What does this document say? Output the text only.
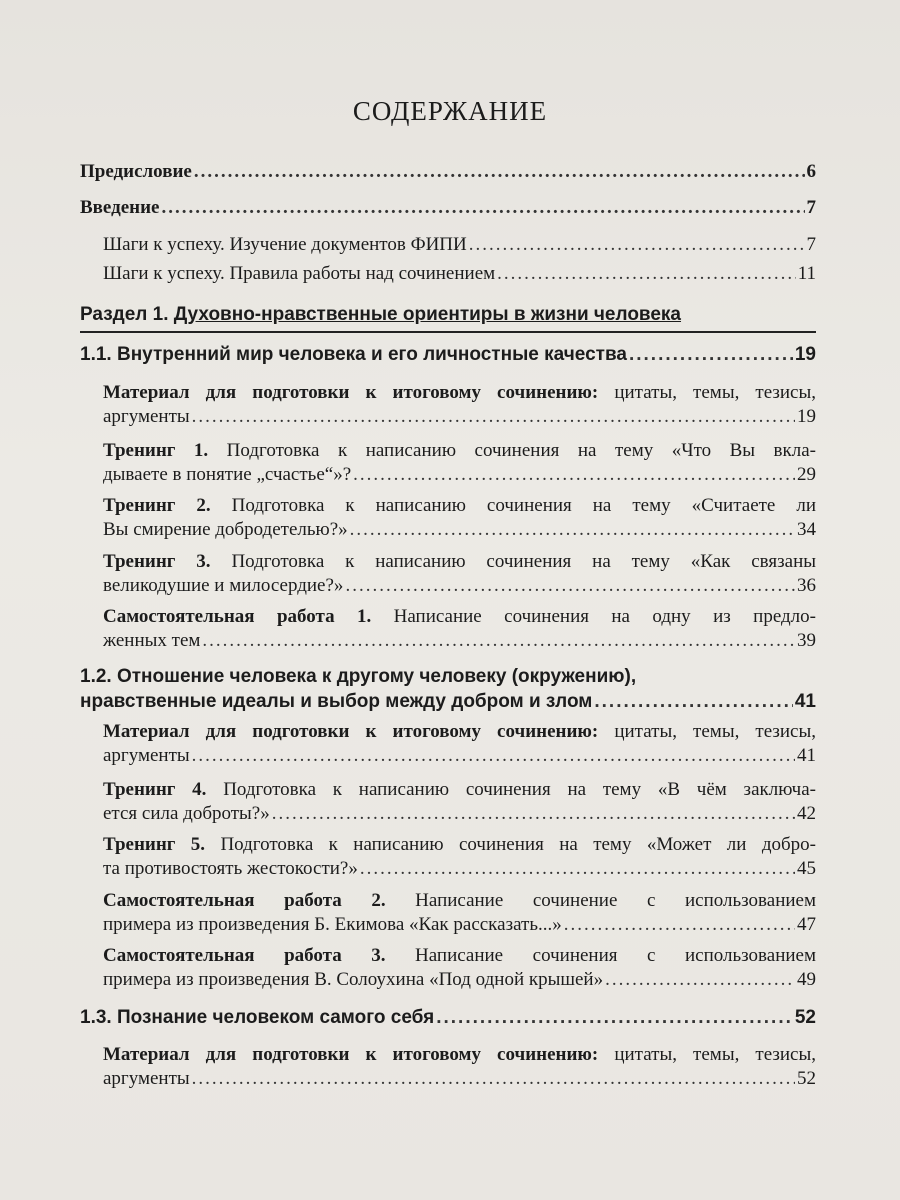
СОДЕРЖАНИЕ
Предисловие .....	6
Введение .....	7
Шаги к успеху. Изучение документов ФИПИ .....	7
Шаги к успеху. Правила работы над сочинением .....	11
Раздел 1. Духовно-нравственные ориентиры в жизни человека
1.1. Внутренний мир человека и его личностные качества .....	19
Материал для подготовки к итоговому сочинению: цитаты, темы, тезисы,
аргументы .....	19
Тренинг 1. Подготовка к написанию сочинения на тему «Что Вы вкла-
дываете в понятие „счастье“»? .....	29
Тренинг 2. Подготовка к написанию сочинения на тему «Считаете ли
Вы смирение добродетелью?» .....	34
Тренинг 3. Подготовка к написанию сочинения на тему «Как связаны
великодушие и милосердие?» .....	36
Самостоятельная работа 1. Написание сочинения на одну из предло-
женных тем .....	39
1.2. Отношение человека к другому человеку (окружению),
нравственные идеалы и выбор между добром и злом .....	41
Материал для подготовки к итоговому сочинению: цитаты, темы, тезисы,
аргументы .....	41
Тренинг 4. Подготовка к написанию сочинения на тему «В чём заключа-
ется сила доброты?» .....	42
Тренинг 5. Подготовка к написанию сочинения на тему «Может ли добро-
та противостоять жестокости?» .....	45
Самостоятельная работа 2. Написание сочинение с использованием
примера из произведения Б. Екимова «Как рассказать...» .....	47
Самостоятельная работа 3. Написание сочинения с использованием
примера из произведения В. Солоухина «Под одной крышей» .....	49
1.3. Познание человеком самого себя .....	52
Материал для подготовки к итоговому сочинению: цитаты, темы, тезисы,
аргументы .....	52
